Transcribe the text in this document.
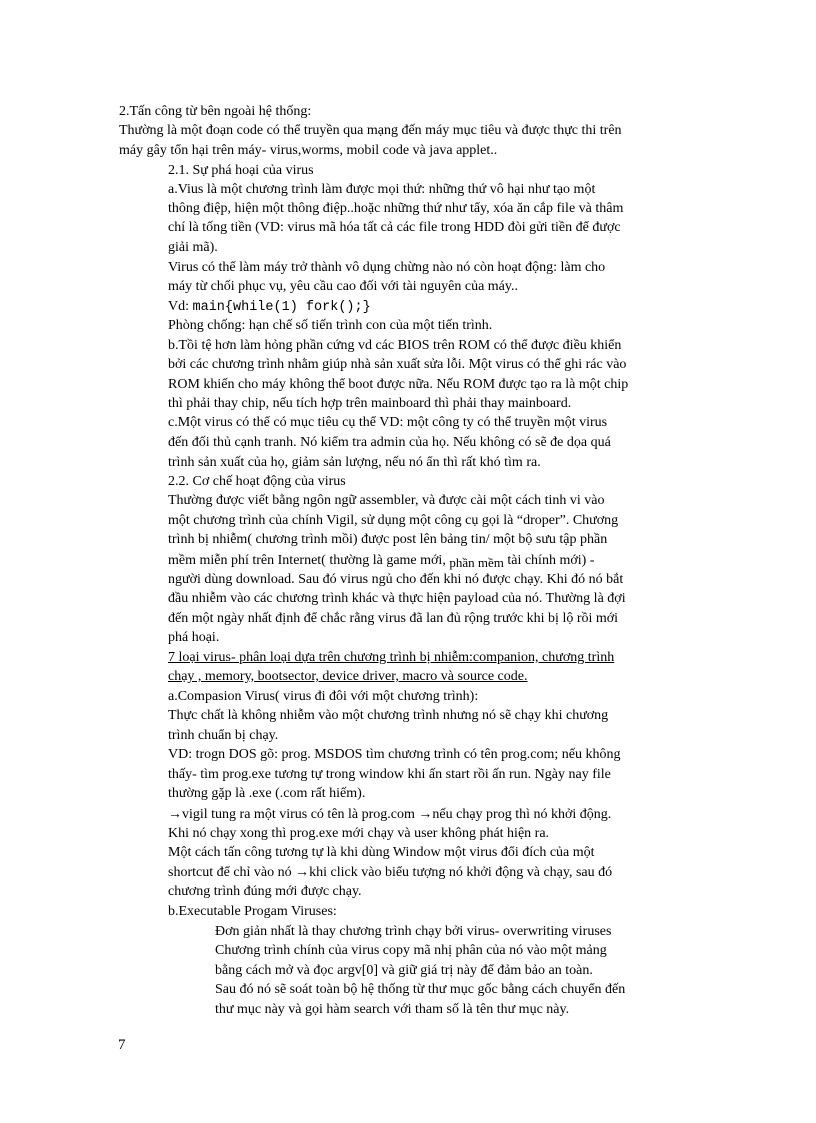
2.Tấn công từ bên ngoài hệ thống:
Thường là một đoạn code có thể truyền qua mạng đến máy mục tiêu và được thực thi trên
máy gây tổn hại trên máy- virus,worms, mobil code và java applet..
2.1. Sự phá hoại của virus
a.Vius là một chương trình làm được mọi thứ: những thứ vô hại như tạo một
thông điệp, hiện một thông điệp..hoặc những thứ như tẩy, xóa ăn cắp file và thâm
chí là tống tiền (VD: virus mã hóa tất cả các file trong HDD đòi gửi tiền để được
giải mã).
Virus có thể làm máy trở thành vô dụng chừng nào nó còn hoạt động: làm cho
máy từ chối phục vụ, yêu cầu cao đối với tài nguyên của máy..
Vd: main{while(1) fork();}
Phòng chống: hạn chế số tiến trình con của một tiến trình.
b.Tồi tệ hơn làm hỏng phần cứng vd các BIOS trên ROM có thể được điều khiển
bởi các chương trình nhằm giúp nhà sản xuất sửa lỗi. Một virus có thể ghi rác vào
ROM khiến cho máy không thể boot được nữa. Nếu ROM được tạo ra là một chip
thì phải thay chip, nếu tích hợp trên mainboard thì phải thay mainboard.
c.Một virus có thể có mục tiêu cụ thể VD: một công ty có thể truyền một virus
đến đối thủ cạnh tranh. Nó kiểm tra admin của họ. Nếu không có sẽ đe dọa quá
trình sản xuất của họ, giảm sản lượng, nếu nó ẩn thì rất khó tìm ra.
2.2. Cơ chế hoạt động của virus
Thường được viết bằng ngôn ngữ assembler, và được cài một cách tinh vi vào
một chương trình của chính Vigil, sử dụng một công cụ gọi là “droper”. Chương
trình bị nhiễm( chương trình mồi) được post lên bảng tin/ một bộ sưu tập phần
mềm miễn phí trên Internet( thường là game mới, phần mềm tài chính mới) -
người dùng download. Sau đó virus ngủ cho đến khi nó được chạy. Khi đó nó bắt
đầu nhiễm vào các chương trình khác và thực hiện payload của nó. Thường là đợi
đến một ngày nhất định để chắc rằng virus đã lan đủ rộng trước khi bị lộ rồi mới
phá hoại.
7 loại virus- phân loại dựa trên chương trình bị nhiễm:companion, chương trình
chạy , memory, bootsector, device driver, macro và source code.
a.Compasion Virus( virus đi đôi với một chương trình):
Thực chất là không nhiễm vào một chương trình nhưng nó sẽ chạy khi chương
trình chuẩn bị chạy.
VD: trogn DOS gõ: prog. MSDOS tìm chương trình có tên prog.com; nếu không
thấy- tìm prog.exe tương tự trong window khi ấn start rồi ấn run. Ngày nay file
thường gặp là .exe (.com rất hiếm).
→vigil tung ra một virus có tên là prog.com →nếu chạy prog thì nó khởi động.
Khi nó chạy xong thì prog.exe mới chạy và user không phát hiện ra.
Một cách tấn công tương tự là khi dùng Window một virus đổi đích của một
shortcut để chỉ vào nó →khi click vào biểu tượng nó khởi động và chạy, sau đó
chương trình đúng mới được chạy.
b.Executable Progam Viruses:
Đơn giản nhất là thay chương trình chạy bởi virus- overwriting viruses
Chương trình chính của virus copy mã nhị phân của nó vào một mảng
bằng cách mở và đọc argv[0] và giữ giá trị này để đảm bảo an toàn.
Sau đó nó sẽ soát toàn bộ hệ thống từ thư mục gốc bằng cách chuyển đến
thư mục này và gọi hàm search với tham số là tên thư mục này.
7
